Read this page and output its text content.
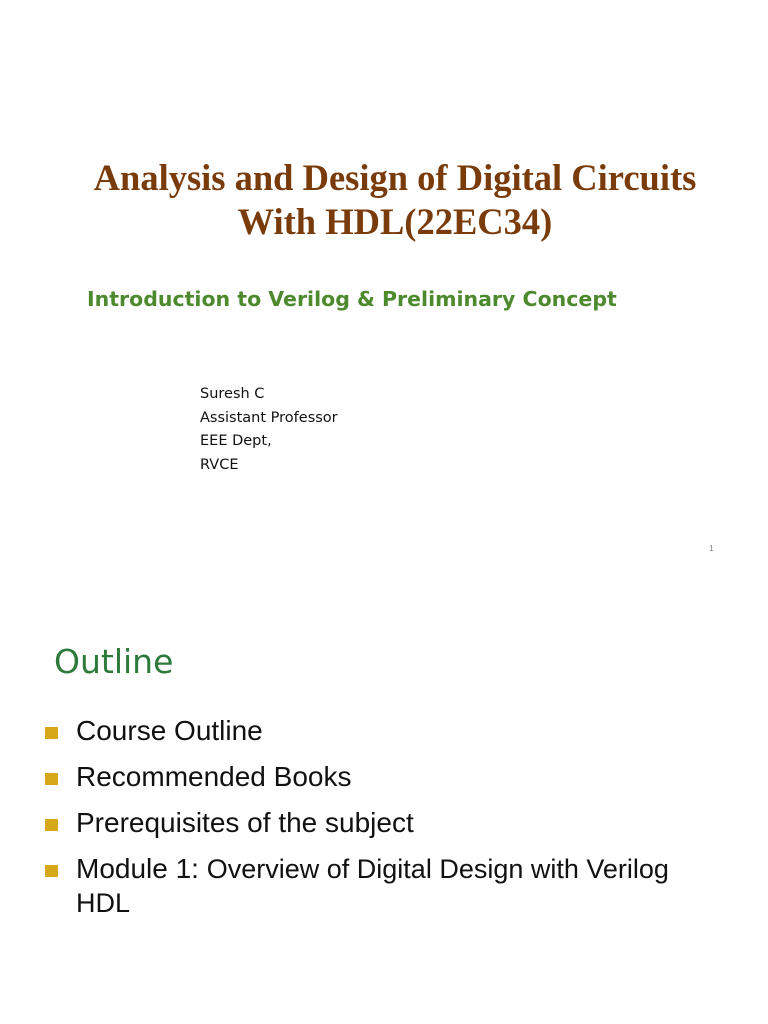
Analysis and Design of Digital Circuits
With HDL(22EC34)

Introduction to Verilog & Preliminary Concept

Suresh C
Assistant Professor
EEE Dept,
RVCE
1
Outline
Course Outline
Recommended Books
Prerequisites of the subject
Module 1: Overview of Digital Design with Verilog HDL
